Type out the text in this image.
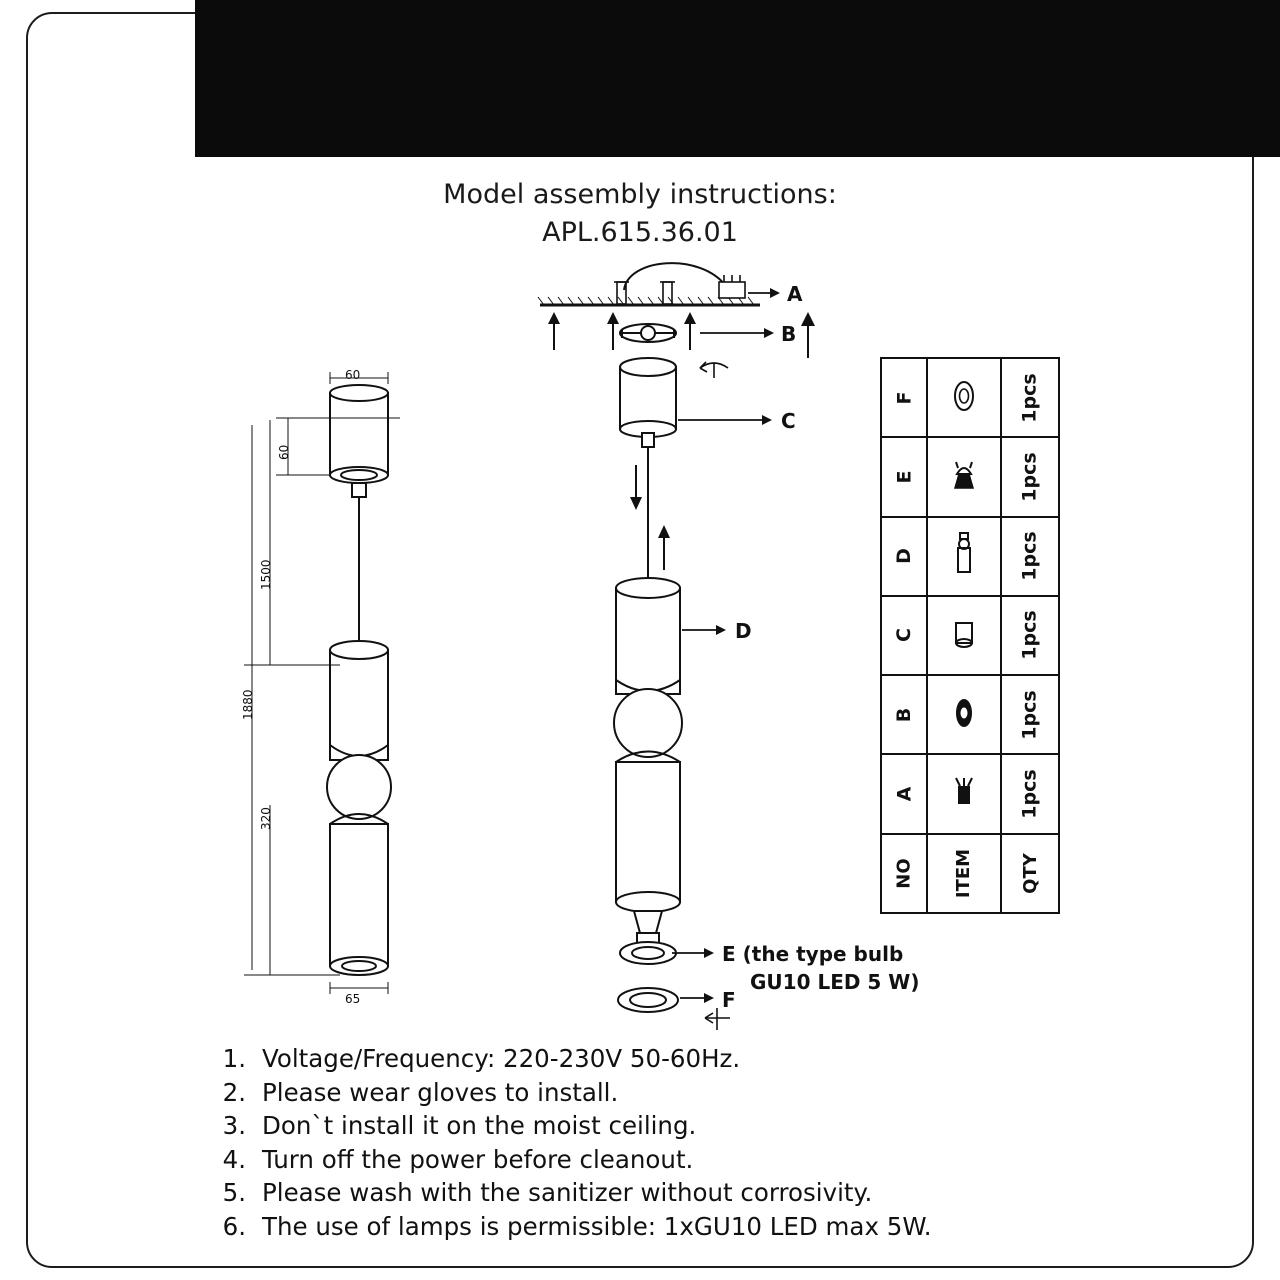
Model assembly instructions:
APL.615.36.01
A
B
C
D
E (the type bulb
GU10 LED 5 W)
F
60
60
1500
1880
320
65
F	1pcs
E	1pcs
D	1pcs
C	1pcs
B	1pcs
A	1pcs
NO ITEM	QTY
1. Voltage/Frequency: 220-230V 50-60Hz.
2. Please wear gloves to install.
3. Don`t install it on the moist ceiling.
4. Turn off the power before cleanout.
5. Please wash with the sanitizer without corrosivity.
6. The use of lamps is permissible: 1xGU10 LED max 5W.
